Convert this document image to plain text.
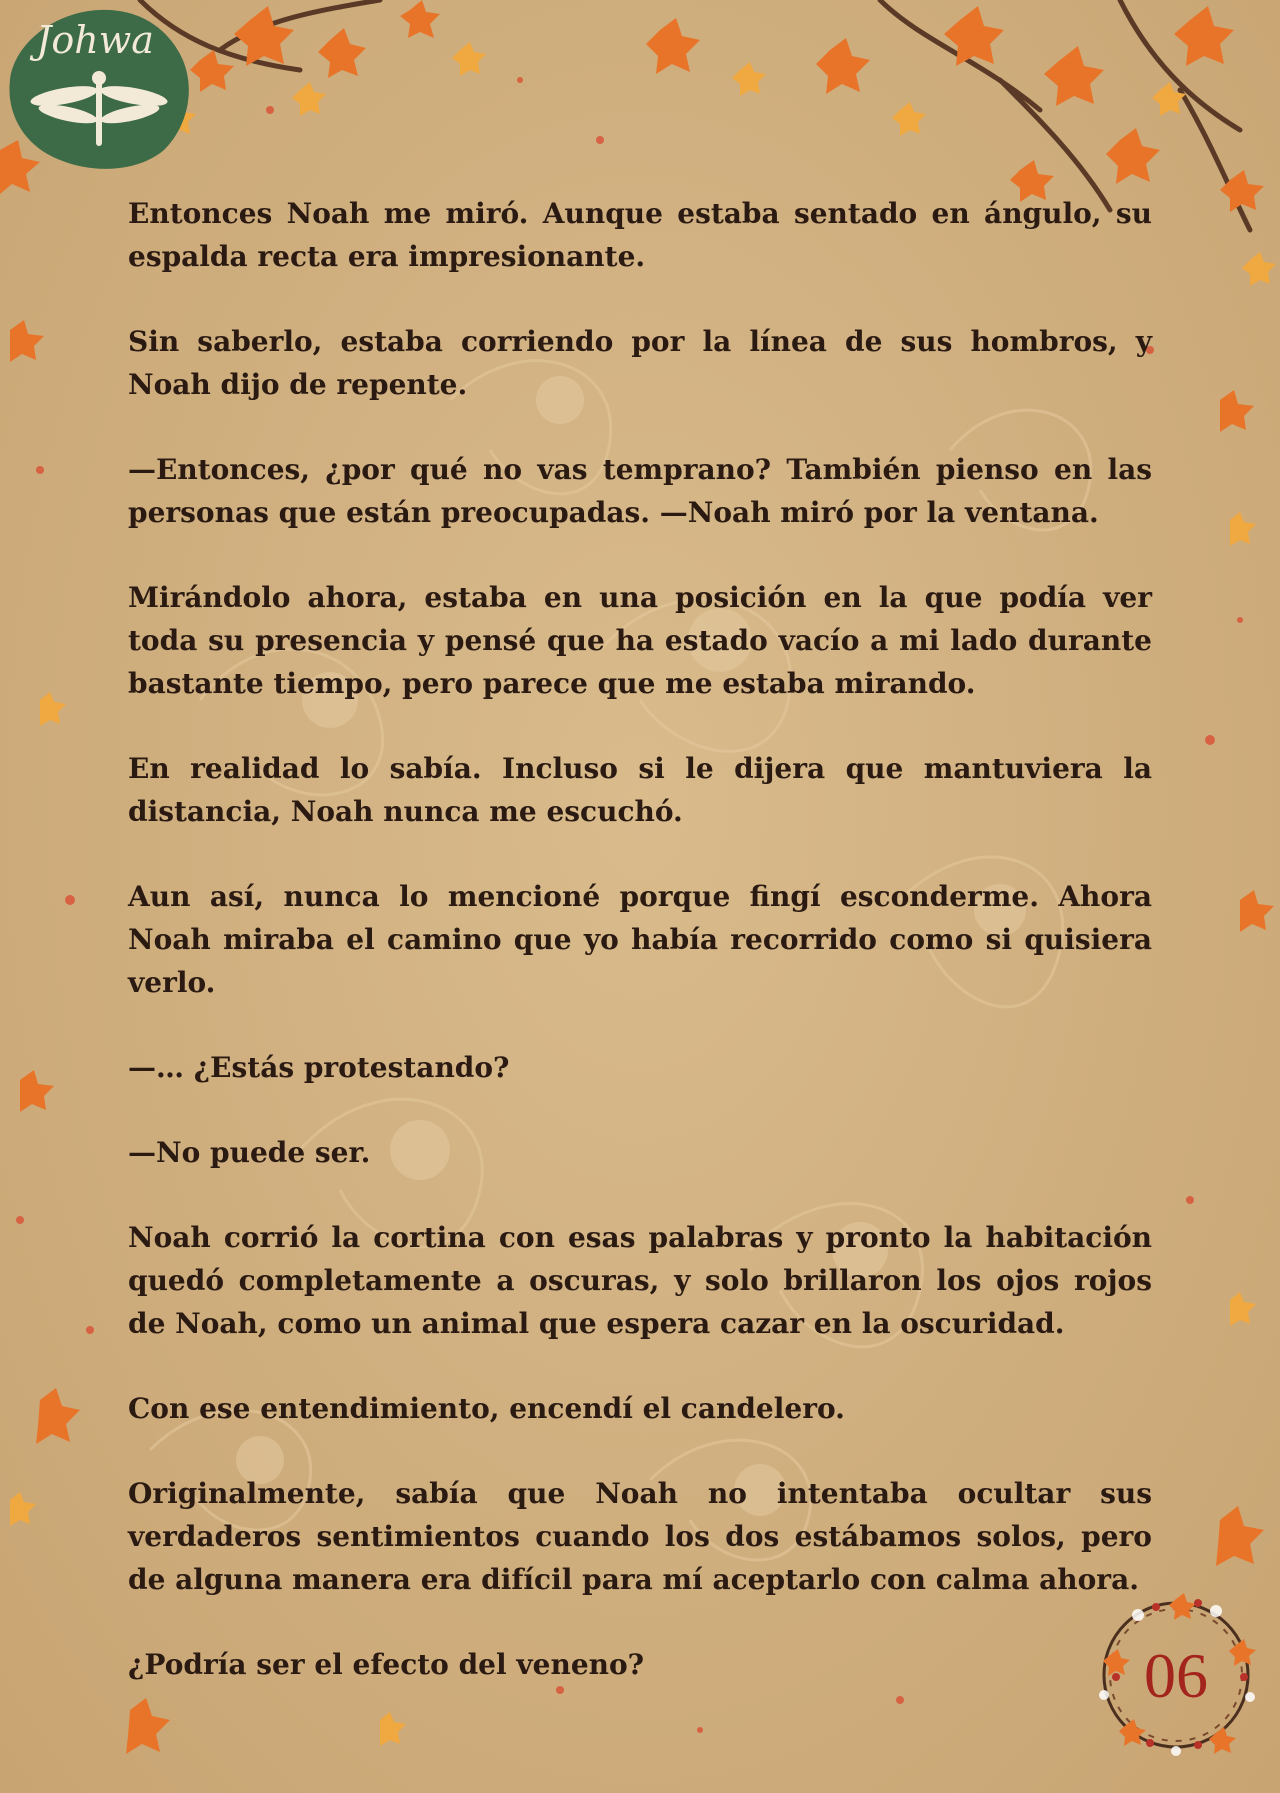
Johwa

Entonces Noah me miró. Aunque estaba sentado en ángulo, su espalda recta era impresionante.

Sin saberlo, estaba corriendo por la línea de sus hombros, y Noah dijo de repente.

—Entonces, ¿por qué no vas temprano? También pienso en las personas que están preocupadas. —Noah miró por la ventana.

Mirándolo ahora, estaba en una posición en la que podía ver toda su presencia y pensé que ha estado vacío a mi lado durante bastante tiempo, pero parece que me estaba mirando.

En realidad lo sabía. Incluso si le dijera que mantuviera la distancia, Noah nunca me escuchó.

Aun así, nunca lo mencioné porque fingí esconderme. Ahora Noah miraba el camino que yo había recorrido como si quisiera verlo.

—… ¿Estás protestando?

—No puede ser.

Noah corrió la cortina con esas palabras y pronto la habitación quedó completamente a oscuras, y solo brillaron los ojos rojos de Noah, como un animal que espera cazar en la oscuridad.

Con ese entendimiento, encendí el candelero.

Originalmente, sabía que Noah no intentaba ocultar sus verdaderos sentimientos cuando los dos estábamos solos, pero de alguna manera era difícil para mí aceptarlo con calma ahora.

¿Podría ser el efecto del veneno?	06
